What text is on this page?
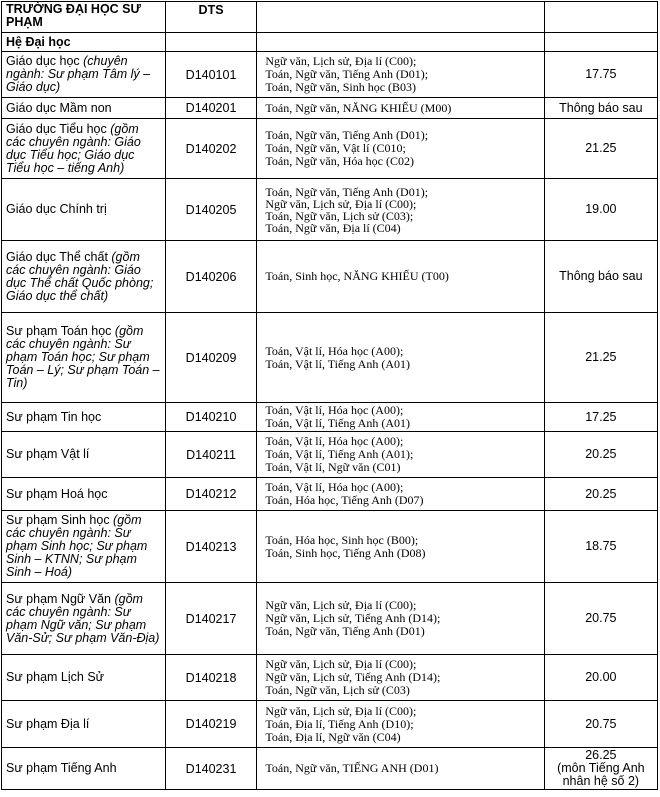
TRƯỜNG ĐẠI HỌC SƯ PHẠM	DTS		
Hệ Đại học			
Giáo dục học (chuyên ngành: Sư phạm Tâm lý – Giáo dục)	D140101	Ngữ văn, Lịch sử, Địa lí (C00);
Toán, Ngữ văn, Tiếng Anh (D01);
Toán, Ngữ văn, Sinh học (B03)	17.75
Giáo dục Mầm non	D140201	Toán, Ngữ văn, NĂNG KHIẾU (M00)	Thông báo sau
Giáo dục Tiểu học (gồm các chuyên ngành: Giáo dục Tiểu học; Giáo dục Tiểu học – tiếng Anh)	D140202	Toán, Ngữ văn, Tiếng Anh (D01);
Toán, Ngữ văn, Vật lí (C010;
Toán, Ngữ văn, Hóa học (C02)	21.25
Giáo dục Chính trị	D140205	Toán, Ngữ văn, Tiếng Anh (D01);
Ngữ văn, Lịch sử, Địa lí (C00);
Toán, Ngữ văn, Lịch sử (C03);
Toán, Ngữ văn, Địa lí (C04)	19.00
Giáo dục Thể chất (gồm các chuyên ngành: Giáo dục Thể chất Quốc phòng; Giáo dục thể chất)	D140206	Toán, Sinh học, NĂNG KHIẾU (T00)	Thông báo sau
Sư phạm Toán học (gồm các chuyên ngành: Sư phạm Toán học; Sư phạm Toán – Lý; Sư phạm Toán – Tin)	D140209	Toán, Vật lí, Hóa học (A00);
Toán, Vật lí, Tiếng Anh (A01)	21.25
Sư phạm Tin học	D140210	Toán, Vật lí, Hóa học (A00);
Toán, Vật lí, Tiếng Anh (A01)	17.25
Sư phạm Vật lí	D140211	Toán, Vật lí, Hóa học (A00);
Toán, Vật lí, Tiếng Anh (A01);
Toán, Vật lí, Ngữ văn (C01)	20.25
Sư phạm Hoá học	D140212	Toán, Vật lí, Hóa học (A00);
Toán, Hóa học, Tiếng Anh (D07)	20.25
Sư phạm Sinh học (gồm các chuyên ngành: Sư phạm Sinh học; Sư phạm Sinh – KTNN; Sư phạm Sinh – Hoá)	D140213	Toán, Hóa học, Sinh học (B00);
Toán, Sinh học, Tiếng Anh (D08)	18.75
Sư phạm Ngữ Văn (gồm các chuyên ngành: Sư phạm Ngữ văn; Sư phạm Văn-Sử; Sư phạm Văn-Địa)	D140217	Ngữ văn, Lịch sử, Địa lí (C00);
Ngữ văn, Lịch sử, Tiếng Anh (D14);
Toán, Ngữ văn, Tiếng Anh (D01)	20.75
Sư phạm Lịch Sử	D140218	Ngữ văn, Lịch sử, Địa lí (C00);
Ngữ văn, Lịch sử, Tiếng Anh (D14);
Toán, Ngữ văn, Lịch sử (C03)	20.00
Sư phạm Địa lí	D140219	Ngữ văn, Lịch sử, Địa lí (C00);
Toán, Địa lí, Tiếng Anh (D10);
Toán, Địa lí, Ngữ văn (C04)	20.75
Sư phạm Tiếng Anh	D140231	Toán, Ngữ văn, TIẾNG ANH (D01)	26.25
(môn Tiếng Anh nhân hệ số 2)
